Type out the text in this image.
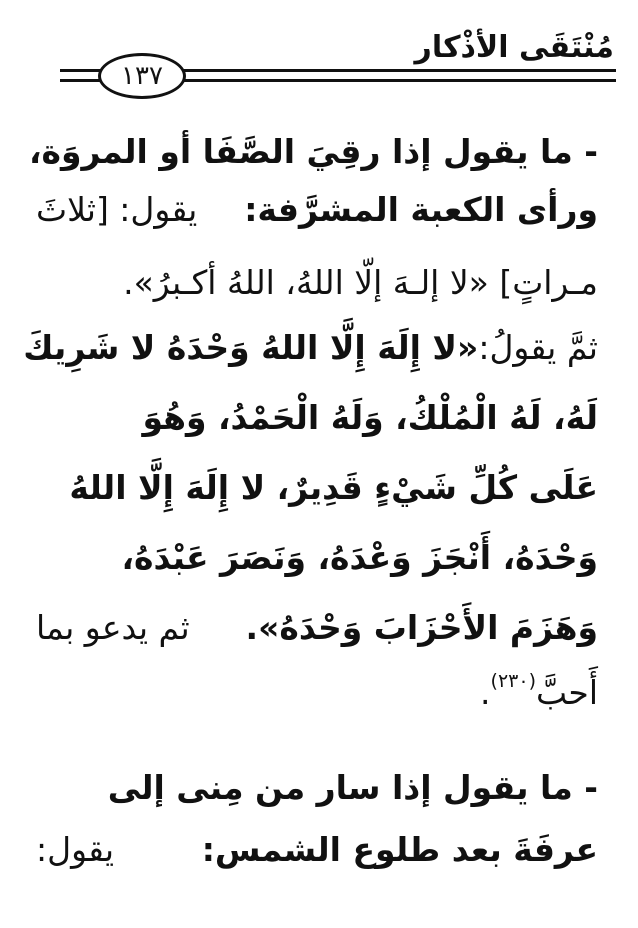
مُنْتَقَى الأذْكار
١٣٧
- ما يقول إذا رقِيَ الصَّفَا أو المروَة،
ورأى الكعبة المشرَّفة:
يقول: [ثلاثَ
مـراتٍ] «لا إلـهَ إلّا اللهُ، اللهُ أكـبرُ».
ثمَّ يقولُ:
«لا إِلَهَ إِلَّا اللهُ وَحْدَهُ لا شَرِيكَ
لَهُ، لَهُ الْمُلْكُ، وَلَهُ الْحَمْدُ، وَهُوَ
عَلَى كُلِّ شَيْءٍ قَدِيرٌ، لا إِلَهَ إِلَّا اللهُ
وَحْدَهُ، أَنْجَزَ وَعْدَهُ، وَنَصَرَ عَبْدَهُ،
وَهَزَمَ الأَحْزَابَ وَحْدَهُ».
ثم يدعو بما
أَحبَّ
(٢٣٠)
.
- ما يقول إذا سار من مِنى إلى
عرفَةَ بعد طلوع الشمس:
يقول:
